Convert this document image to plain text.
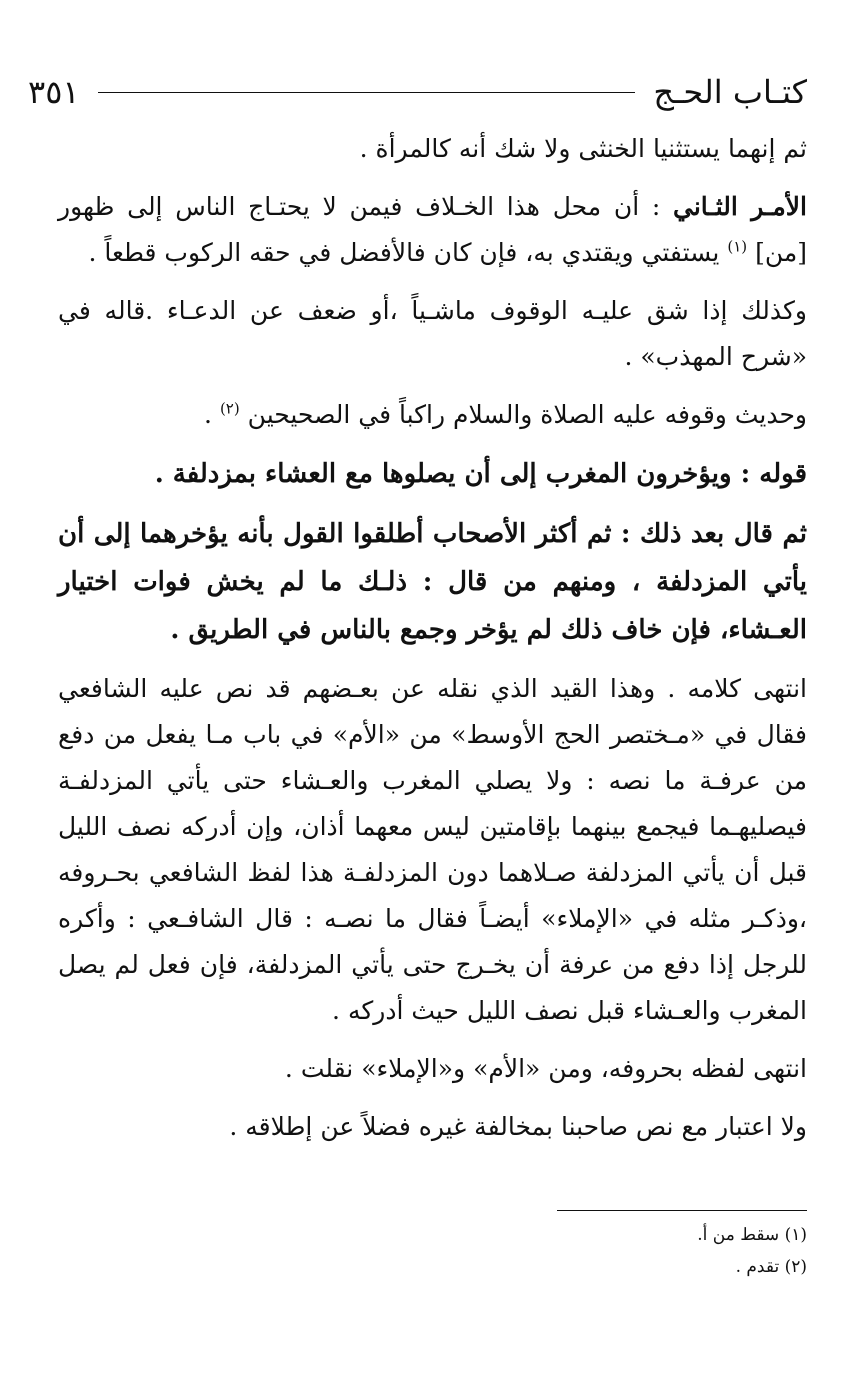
كتـاب الحـج
٣٥١

ثم إنهما يستثنيا الخنثى ولا شك أنه كالمرأة .

الأمـر الثـاني : أن محل هذا الخـلاف فيمن لا يحتـاج الناس إلى ظهور [من] $^{(١)}$ يستفتي ويقتدي به، فإن كان فالأفضل في حقه الركوب قطعاً .

وكذلك إذا شق عليـه الوقوف ماشـياً ،أو ضعف عن الدعـاء .قاله في «شرح المهذب» .

وحديث وقوفه عليه الصلاة والسلام راكباً في الصحيحين $^{(٢)}$ .

قوله : ويؤخرون المغرب إلى أن يصلوها مع العشاء بمزدلفة .

ثم قال بعد ذلك : ثم أكثر الأصحاب أطلقوا القول بأنه يؤخرهما إلى أن يأتي المزدلفة ، ومنهم من قال : ذلـك ما لم يخش فوات اختيار العـشاء، فإن خاف ذلك لم يؤخر وجمع بالناس في الطريق .

انتهى كلامه . وهذا القيد الذي نقله عن بعـضهم قد نص عليه الشافعي فقال في «مـختصر الحج الأوسط» من «الأم» في باب مـا يفعل من دفع من عرفـة ما نصه : ولا يصلي المغرب والعـشاء حتى يأتي المزدلفـة فيصليهـما فيجمع بينهما بإقامتين ليس معهما أذان، وإن أدركه نصف الليل قبل أن يأتي المزدلفة صـلاهما دون المزدلفـة هذا لفظ الشافعي بحـروفه ،وذكـر مثله في «الإملاء» أيضـاً فقال ما نصـه : قال الشافـعي : وأكره للرجل إذا دفع من عرفة أن يخـرج حتى يأتي المزدلفة، فإن فعل لم يصل المغرب والعـشاء قبل نصف الليل حيث أدركه .

انتهى لفظه بحروفه، ومن «الأم» و«الإملاء» نقلت .

ولا اعتبار مع نص صاحبنا بمخالفة غيره فضلاً عن إطلاقه .

(١) سقط من أ.

(٢) تقدم .
